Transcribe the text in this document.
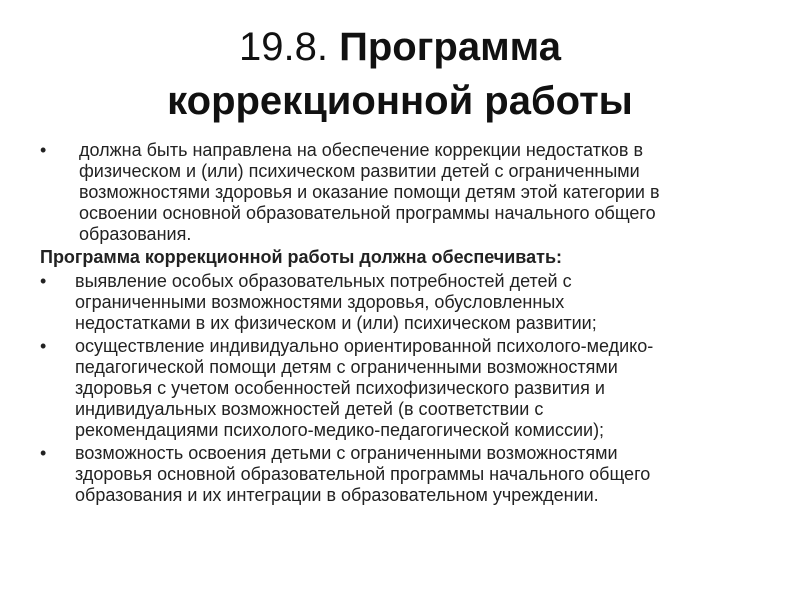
19.8. Программа
коррекционной работы
•	должна быть направлена на обеспечение коррекции недостатков в
физическом и (или) психическом развитии детей с ограниченными
возможностями здоровья и оказание помощи детям этой категории в
освоении основной образовательной программы начального общего
образования.
Программа коррекционной работы должна обеспечивать:
•	выявление особых образовательных потребностей детей с
ограниченными возможностями здоровья, обусловленных
недостатками в их физическом и (или) психическом развитии;
•	осуществление индивидуально ориентированной психолого-медико-
педагогической помощи детям с ограниченными возможностями
здоровья с учетом особенностей психофизического развития и
индивидуальных возможностей детей (в соответствии с
рекомендациями психолого-медико-педагогической комиссии);
•	возможность освоения детьми с ограниченными возможностями
здоровья основной образовательной программы начального общего
образования и их интеграции в образовательном учреждении.
